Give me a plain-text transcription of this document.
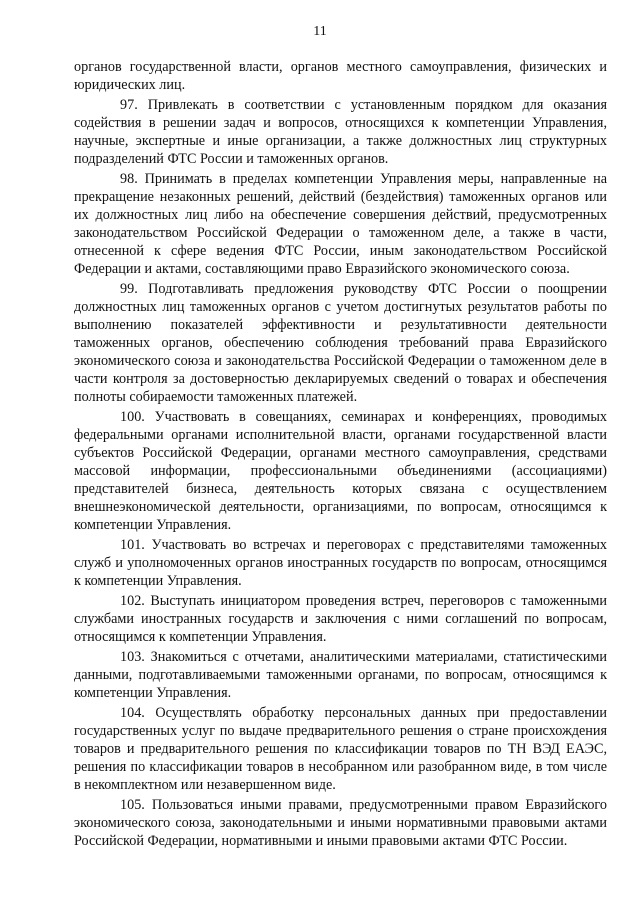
11

органов государственной власти, органов местного самоуправления, физических и юридических лиц.

97. Привлекать в соответствии с установленным порядком для оказания содействия в решении задач и вопросов, относящихся к компетенции Управления, научные, экспертные и иные организации, а также должностных лиц структурных подразделений ФТС России и таможенных органов.

98. Принимать в пределах компетенции Управления меры, направленные на прекращение незаконных решений, действий (бездействия) таможенных органов или их должностных лиц либо на обеспечение совершения действий, предусмотренных законодательством Российской Федерации о таможенном деле, а также в части, отнесенной к сфере ведения ФТС России, иным законодательством Российской Федерации и актами, составляющими право Евразийского экономического союза.

99. Подготавливать предложения руководству ФТС России о поощрении должностных лиц таможенных органов с учетом достигнутых результатов работы по выполнению показателей эффективности и результативности деятельности таможенных органов, обеспечению соблюдения требований права Евразийского экономического союза и законодательства Российской Федерации о таможенном деле в части контроля за достоверностью декларируемых сведений о товарах и обеспечения полноты собираемости таможенных платежей.

100. Участвовать в совещаниях, семинарах и конференциях, проводимых федеральными органами исполнительной власти, органами государственной власти субъектов Российской Федерации, органами местного самоуправления, средствами массовой информации, профессиональными объединениями (ассоциациями) представителей бизнеса, деятельность которых связана с осуществлением внешнеэкономической деятельности, организациями, по вопросам, относящимся к компетенции Управления.

101. Участвовать во встречах и переговорах с представителями таможенных служб и уполномоченных органов иностранных государств по вопросам, относящимся к компетенции Управления.

102. Выступать инициатором проведения встреч, переговоров с таможенными службами иностранных государств и заключения с ними соглашений по вопросам, относящимся к компетенции Управления.

103. Знакомиться с отчетами, аналитическими материалами, статистическими данными, подготавливаемыми таможенными органами, по вопросам, относящимся к компетенции Управления.

104. Осуществлять обработку персональных данных при предоставлении государственных услуг по выдаче предварительного решения о стране происхождения товаров и предварительного решения по классификации товаров по ТН ВЭД ЕАЭС, решения по классификации товаров в несобранном или разобранном виде, в том числе в некомплектном или незавершенном виде.

105. Пользоваться иными правами, предусмотренными правом Евразийского экономического союза, законодательными и иными нормативными правовыми актами Российской Федерации, нормативными и иными правовыми актами ФТС России.
